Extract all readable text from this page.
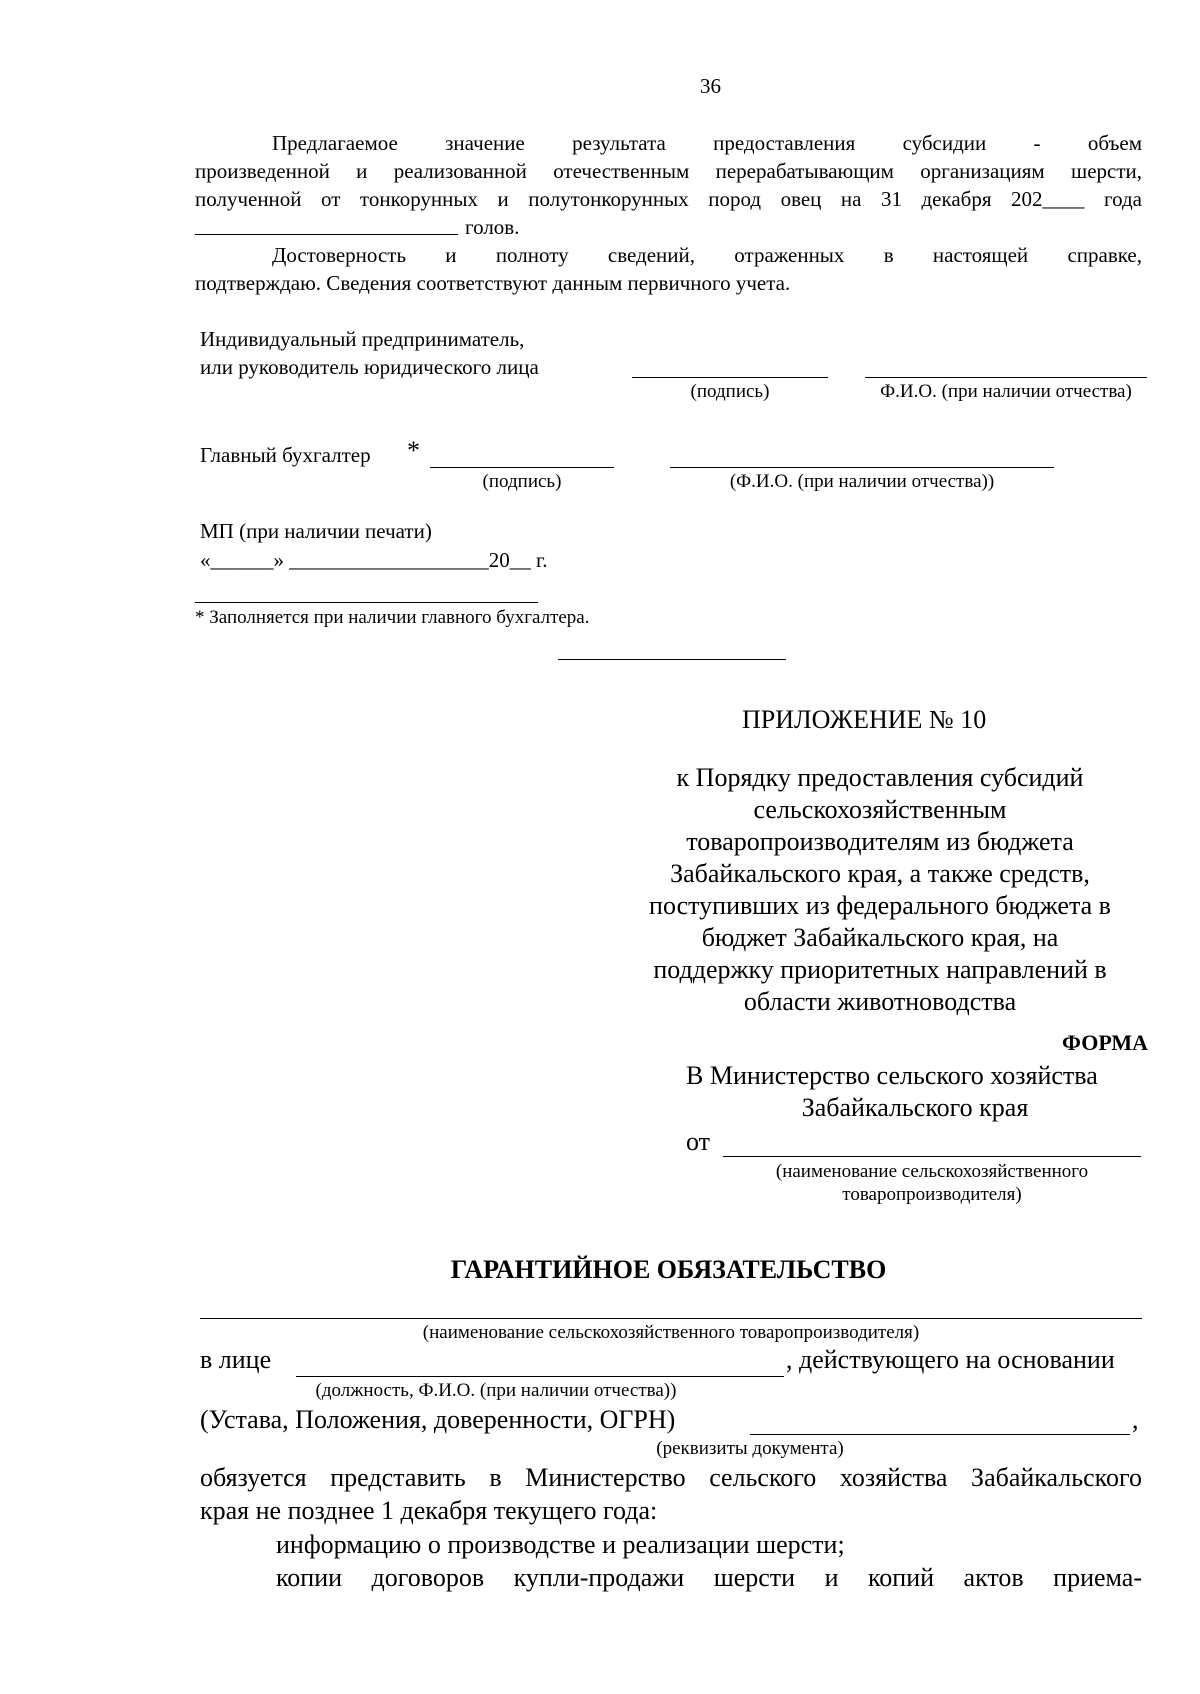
36
Предлагаемое значение результата предоставления субсидии - объем
произведенной и реализованной отечественным перерабатывающим организациям шерсти,
полученной от тонкорунных и полутонкорунных пород овец на 31 декабря 202____ года
голов.
Достоверность и полноту сведений, отраженных в настоящей справке,
подтверждаю. Сведения соответствуют данным первичного учета.
Индивидуальный предприниматель,
или руководитель юридического лица
(подпись)	Ф.И.О. (при наличии отчества)
Главный бухгалтер *
(подпись)	(Ф.И.О. (при наличии отчества))
МП (при наличии печати)
«______» ___________________20__ г.
* Заполняется при наличии главного бухгалтера.
ПРИЛОЖЕНИЕ № 10
к Порядку предоставления субсидий
сельскохозяйственным
товаропроизводителям из бюджета
Забайкальского края, а также средств,
поступивших из федерального бюджета в
бюджет Забайкальского края, на
поддержку приоритетных направлений в
области животноводства
ФОРМА
В Министерство сельского хозяйства
Забайкальского края
от
(наименование сельскохозяйственного
товаропроизводителя)
ГАРАНТИЙНОЕ ОБЯЗАТЕЛЬСТВО
(наименование сельскохозяйственного товаропроизводителя)
в лице	, действующего на основании
(должность, Ф.И.О. (при наличии отчества))
(Устава, Положения, доверенности, ОГРН)	,
(реквизиты документа)
обязуется представить в Министерство сельского хозяйства Забайкальского
края не позднее 1 декабря текущего года:
информацию о производстве и реализации шерсти;
копии договоров купли-продажи шерсти и копий актов приема-
